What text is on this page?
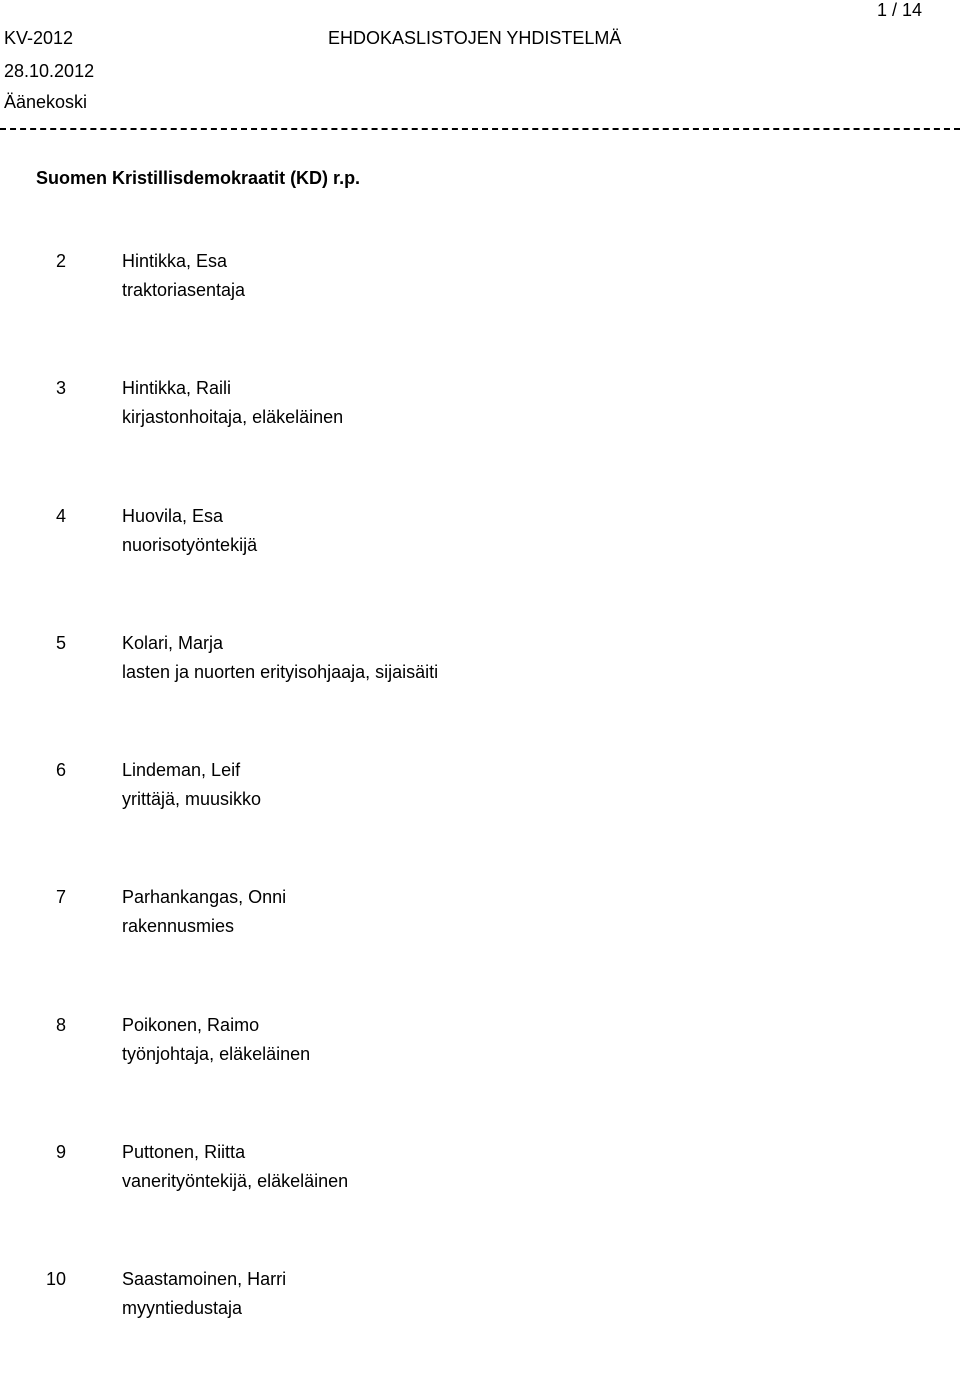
1 / 14
KV-2012
28.10.2012
Äänekoski
EHDOKASLISTOJEN YHDISTELMÄ
Suomen Kristillisdemokraatit (KD) r.p.
2	Hintikka, Esa
traktoriasentaja
3	Hintikka, Raili
kirjastonhoitaja, eläkeläinen
4	Huovila, Esa
nuorisotyöntekijä
5	Kolari, Marja
lasten ja nuorten erityisohjaaja, sijaisäiti
6	Lindeman, Leif
yrittäjä, muusikko
7	Parhankangas, Onni
rakennusmies
8	Poikonen, Raimo
työnjohtaja, eläkeläinen
9	Puttonen, Riitta
vanerityöntekijä, eläkeläinen
10	Saastamoinen, Harri
myyntiedustaja
